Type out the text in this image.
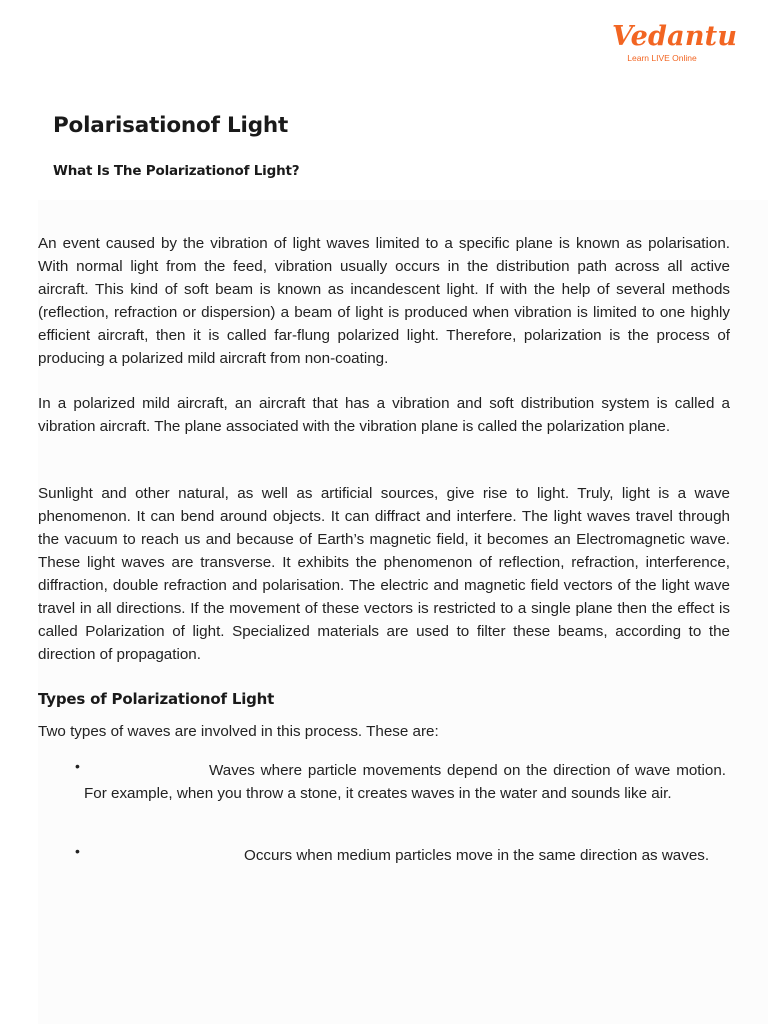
Vedantu
Learn LIVE Online
Polarisationof Light
What Is The Polarizationof Light?

An event caused by the vibration of light waves limited to a specific plane is known as polarisation. With normal light from the feed, vibration usually occurs in the distribution path across all active aircraft. This kind of soft beam is known as incandescent light. If with the help of several methods (reflection, refraction or dispersion) a beam of light is produced when vibration is limited to one highly efficient aircraft, then it is called far-flung polarized light. Therefore, polarization is the process of producing a polarized mild aircraft from non-coating.

In a polarized mild aircraft, an aircraft that has a vibration and soft distribution system is called a vibration aircraft. The plane associated with the vibration plane is called the polarization plane.

Sunlight and other natural, as well as artificial sources, give rise to light. Truly, light is a wave phenomenon. It can bend around objects. It can diffract and interfere. The light waves travel through the vacuum to reach us and because of Earth’s magnetic field, it becomes an Electromagnetic wave. These light waves are transverse. It exhibits the phenomenon of reflection, refraction, interference, diffraction, double refraction and polarisation. The electric and magnetic field vectors of the light wave travel in all directions. If the movement of these vectors is restricted to a single plane then the effect is called Polarization of light. Specialized materials are used to filter these beams, according to the direction of propagation.

Types of Polarizationof Light

Two types of waves are involved in this process. These are:

•	Waves where particle movements depend on the direction of wave motion. For example, when you throw a stone, it creates waves in the water and sounds like air.

•	Occurs when medium particles move in the same direction as waves.
